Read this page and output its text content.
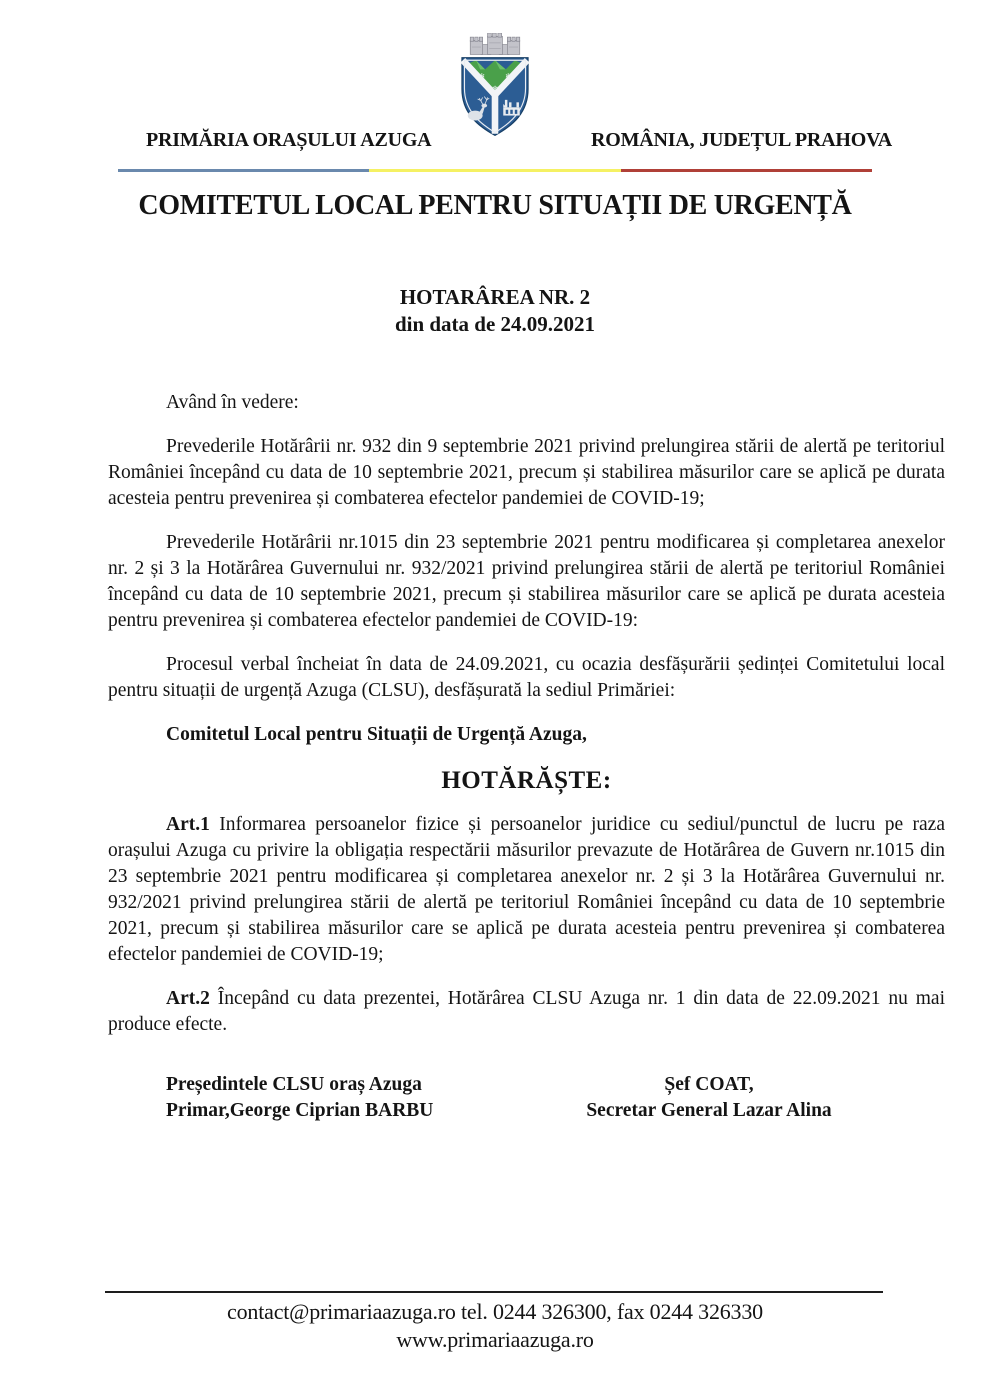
❄ ❄
❄
PRIMĂRIA ORAȘULUI AZUGA	ROMÂNIA, JUDEȚUL PRAHOVA
COMITETUL LOCAL PENTRU SITUAȚII DE URGENȚĂ
HOTARÂREA NR. 2
din data de 24.09.2021

Având în vedere:

Prevederile Hotărârii nr. 932 din 9 septembrie 2021 privind prelungirea stării de alertă pe teritoriul României începând cu data de 10 septembrie 2021, precum și stabilirea măsurilor care se aplică pe durata acesteia pentru prevenirea și combaterea efectelor pandemiei de COVID-19;

Prevederile Hotărârii nr.1015 din 23 septembrie 2021 pentru modificarea și completarea anexelor nr. 2 și 3 la Hotărârea Guvernului nr. 932/2021 privind prelungirea stării de alertă pe teritoriul României începând cu data de 10 septembrie 2021, precum și stabilirea măsurilor care se aplică pe durata acesteia pentru prevenirea și combaterea efectelor pandemiei de COVID-19:

Procesul verbal încheiat în data de 24.09.2021, cu ocazia desfășurării ședinței Comitetului local pentru situații de urgență Azuga (CLSU), desfășurată la sediul Primăriei:

Comitetul Local pentru Situații de Urgență Azuga,

HOTĂRĂȘTE:

Art.1 Informarea persoanelor fizice și persoanelor juridice cu sediul/punctul de lucru pe raza orașului Azuga cu privire la obligația respectării măsurilor prevazute de Hotărârea de Guvern nr.1015 din 23 septembrie 2021 pentru modificarea și completarea anexelor nr. 2 și 3 la Hotărârea Guvernului nr. 932/2021 privind prelungirea stării de alertă pe teritoriul României începând cu data de 10 septembrie 2021, precum și stabilirea măsurilor care se aplică pe durata acesteia pentru prevenirea și combaterea efectelor pandemiei de COVID-19;

Art.2 Începând cu data prezentei, Hotărârea CLSU Azuga nr. 1 din data de 22.09.2021 nu mai produce efecte.

Președintele CLSU oraș Azuga
Primar,George Ciprian BARBU
Șef COAT,
Secretar General Lazar Alina
contact@primariaazuga.ro tel. 0244 326300, fax 0244 326330
www.primariaazuga.ro
